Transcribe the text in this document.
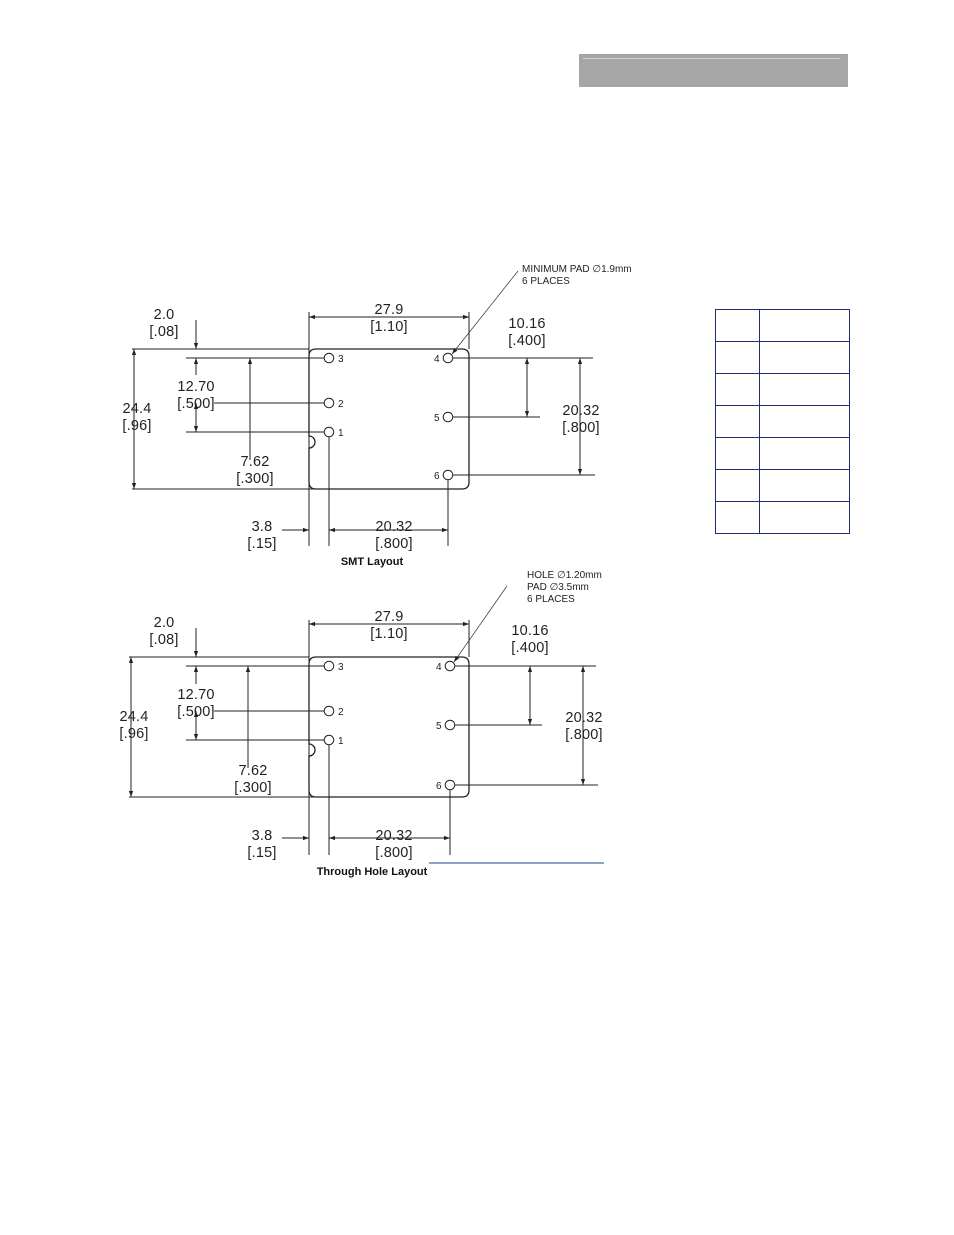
3
2
1
4
5
6
27.9
[1.10]
2.0
[.08]
24.4
[.96]
12.70
[.500]
7.62
[.300]
10.16
[.400]
20.32
[.800]
3.8
[.15]
20.32
[.800]
MINIMUM PAD ∅1.9mm
6 PLACES
SMT Layout
3
2
1
4
5
6
27.9
[1.10]
2.0
[.08]
24.4
[.96]
12.70
[.500]
7.62
[.300]
10.16
[.400]
20.32
[.800]
3.8
[.15]
20.32
[.800]
HOLE ∅1.20mm
PAD ∅3.5mm
6 PLACES
Through Hole Layout
